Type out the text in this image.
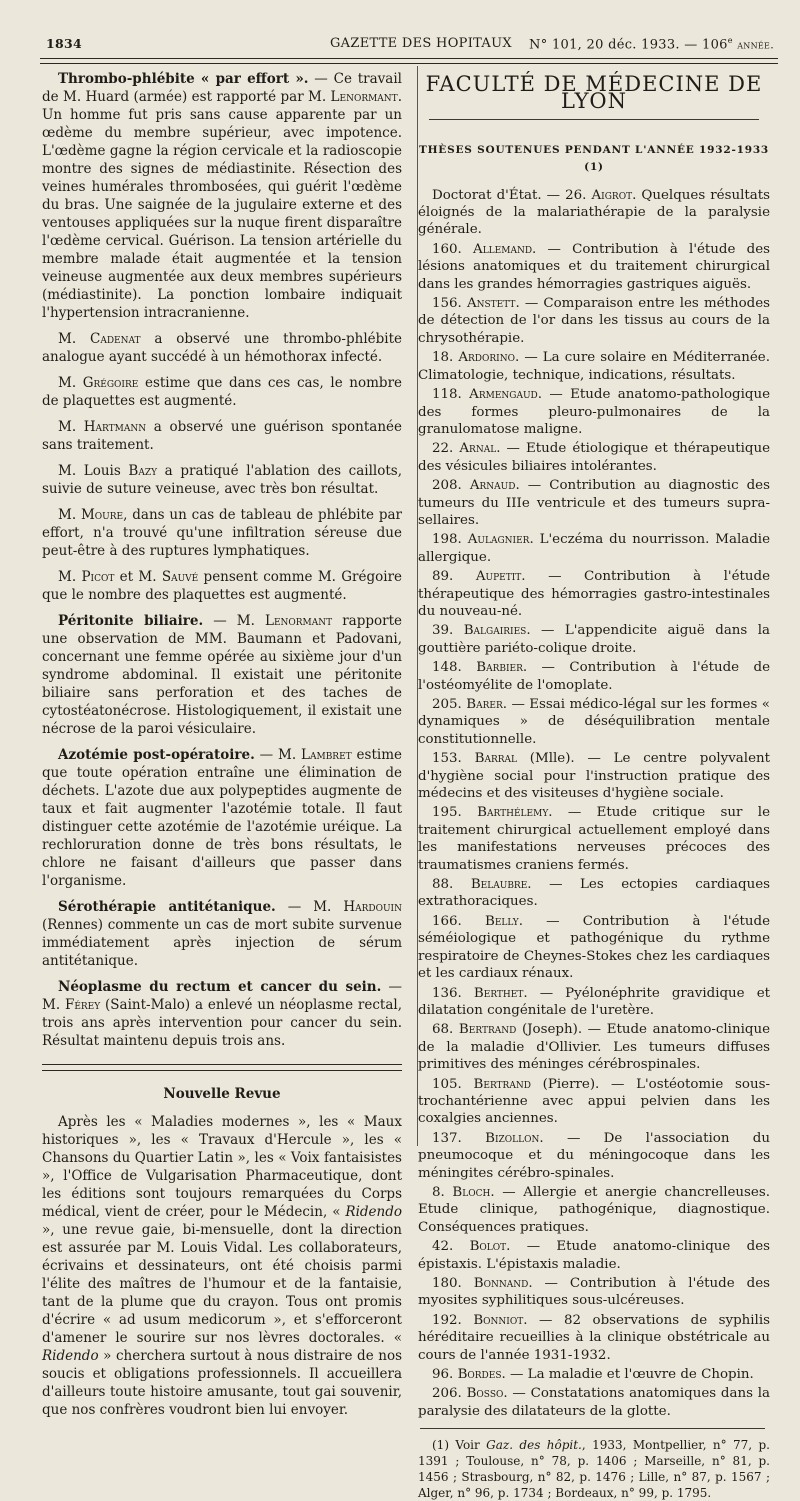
1834	GAZETTE DES HOPITAUX N° 101, 20 déc. 1933. — 106e année.

Thrombo-phlébite « par effort ». — Ce travail de M. Huard (armée) est rapporté par M. Lenormant. Un homme fut pris sans cause apparente par un œdème du membre supérieur, avec impotence. L'œdème gagne la région cervicale et la radioscopie montre des signes de médiastinite. Résection des veines humérales thrombosées, qui guérit l'œdème du bras. Une saignée de la jugulaire externe et des ventouses appliquées sur la nuque firent disparaître l'œdème cervical. Guérison. La tension artérielle du membre malade était augmentée et la tension veineuse augmentée aux deux membres supérieurs (médiastinite). La ponction lombaire indiquait l'hypertension intracranienne.

M. Cadenat a observé une thrombo-phlébite analogue ayant succédé à un hémothorax infecté.

M. Grégoire estime que dans ces cas, le nombre de plaquettes est augmenté.

M. Hartmann a observé une guérison spontanée sans traitement.

M. Louis Bazy a pratiqué l'ablation des caillots, suivie de suture veineuse, avec très bon résultat.

M. Moure, dans un cas de tableau de phlébite par effort, n'a trouvé qu'une infiltration séreuse due peut-être à des ruptures lymphatiques.

M. Picot et M. Sauvé pensent comme M. Grégoire que le nombre des plaquettes est augmenté.

Péritonite biliaire. — M. Lenormant rapporte une observation de MM. Baumann et Padovani, concernant une femme opérée au sixième jour d'un syndrome abdominal. Il existait une péritonite biliaire sans perforation et des taches de cytostéatonécrose. Histologiquement, il existait une nécrose de la paroi vésiculaire.

Azotémie post-opératoire. — M. Lambret estime que toute opération entraîne une élimination de déchets. L'azote due aux polypeptides augmente de taux et fait augmenter l'azotémie totale. Il faut distinguer cette azotémie de l'azotémie uréique. La rechloruration donne de très bons résultats, le chlore ne faisant d'ailleurs que passer dans l'organisme.

Sérothérapie antitétanique. — M. Hardouin (Rennes) commente un cas de mort subite survenue immédiatement après injection de sérum antitétanique.

Néoplasme du rectum et cancer du sein. — M. Férey (Saint-Malo) a enlevé un néoplasme rectal, trois ans après intervention pour cancer du sein. Résultat maintenu depuis trois ans.

Nouvelle Revue

Après les « Maladies modernes », les « Maux historiques », les « Travaux d'Hercule », les « Chansons du Quartier Latin », les « Voix fantaisistes », l'Office de Vulgarisation Pharmaceutique, dont les éditions sont toujours remarquées du Corps médical, vient de créer, pour le Médecin, « Ridendo », une revue gaie, bi-mensuelle, dont la direction est assurée par M. Louis Vidal. Les collaborateurs, écrivains et dessinateurs, ont été choisis parmi l'élite des maîtres de l'humour et de la fantaisie, tant de la plume que du crayon. Tous ont promis d'écrire « ad usum medicorum », et s'efforceront d'amener le sourire sur nos lèvres doctorales. « Ridendo » cherchera surtout à nous distraire de nos soucis et obligations professionnels. Il accueillera d'ailleurs toute histoire amusante, tout gai souvenir, que nos confrères voudront bien lui envoyer.

FACULTÉ DE MÉDECINE DE LYON
THÈSES SOUTENUES PENDANT L'ANNÉE 1932-1933 (1)

Doctorat d'État. — 26. Aigrot. Quelques résultats éloignés de la malariathérapie de la paralysie générale.

160. Allemand. — Contribution à l'étude des lésions anatomiques et du traitement chirurgical dans les grandes hémorragies gastriques aiguës.

156. Anstett. — Comparaison entre les méthodes de détection de l'or dans les tissus au cours de la chrysothérapie.

18. Ardorino. — La cure solaire en Méditerranée. Climatologie, technique, indications, résultats.

118. Armengaud. — Etude anatomo-pathologique des formes pleuro-pulmonaires de la granulomatose maligne.

22. Arnal. — Etude étiologique et thérapeutique des vésicules biliaires intolérantes.

208. Arnaud. — Contribution au diagnostic des tumeurs du IIIe ventricule et des tumeurs supra-sellaires.

198. Aulagnier. L'eczéma du nourrisson. Maladie allergique.

89. Aupetit. — Contribution à l'étude thérapeutique des hémorragies gastro-intestinales du nouveau-né.

39. Balgairies. — L'appendicite aiguë dans la gouttière pariéto-colique droite.

148. Barbier. — Contribution à l'étude de l'ostéomyélite de l'omoplate.

205. Barer. — Essai médico-légal sur les formes « dynamiques » de déséquilibration mentale constitutionnelle.

153. Barral (Mlle). — Le centre polyvalent d'hygiène social pour l'instruction pratique des médecins et des visiteuses d'hygiène sociale.

195. Barthélemy. — Etude critique sur le traitement chirurgical actuellement employé dans les manifestations nerveuses précoces des traumatismes craniens fermés.

88. Belaubre. — Les ectopies cardiaques extrathoraciques.

166. Belly. — Contribution à l'étude séméiologique et pathogénique du rythme respiratoire de Cheynes-Stokes chez les cardiaques et les cardiaux rénaux.

136. Berthet. — Pyélonéphrite gravidique et dilatation congénitale de l'uretère.

68. Bertrand (Joseph). — Etude anatomo-clinique de la maladie d'Ollivier. Les tumeurs diffuses primitives des méninges cérébrospinales.

105. Bertrand (Pierre). — L'ostéotomie sous-trochantérienne avec appui pelvien dans les coxalgies anciennes.

137. Bizollon. — De l'association du pneumocoque et du méningocoque dans les méningites cérébro-spinales.

8. Bloch. — Allergie et anergie chancrelleuses. Etude clinique, pathogénique, diagnostique. Conséquences pratiques.

42. Bolot. — Etude anatomo-clinique des épistaxis. L'épistaxis maladie.

180. Bonnand. — Contribution à l'étude des myosites syphilitiques sous-ulcéreuses.

192. Bonniot. — 82 observations de syphilis héréditaire recueillies à la clinique obstétricale au cours de l'année 1931-1932.

96. Bordes. — La maladie et l'œuvre de Chopin.

206. Bosso. — Constatations anatomiques dans la paralysie des dilatateurs de la glotte.

(1) Voir Gaz. des hôpit., 1933, Montpellier, n° 77, p. 1391 ; Toulouse, n° 78, p. 1406 ; Marseille, n° 81, p. 1456 ; Strasbourg, n° 82, p. 1476 ; Lille, n° 87, p. 1567 ; Alger, n° 96, p. 1734 ; Bordeaux, n° 99, p. 1795.
